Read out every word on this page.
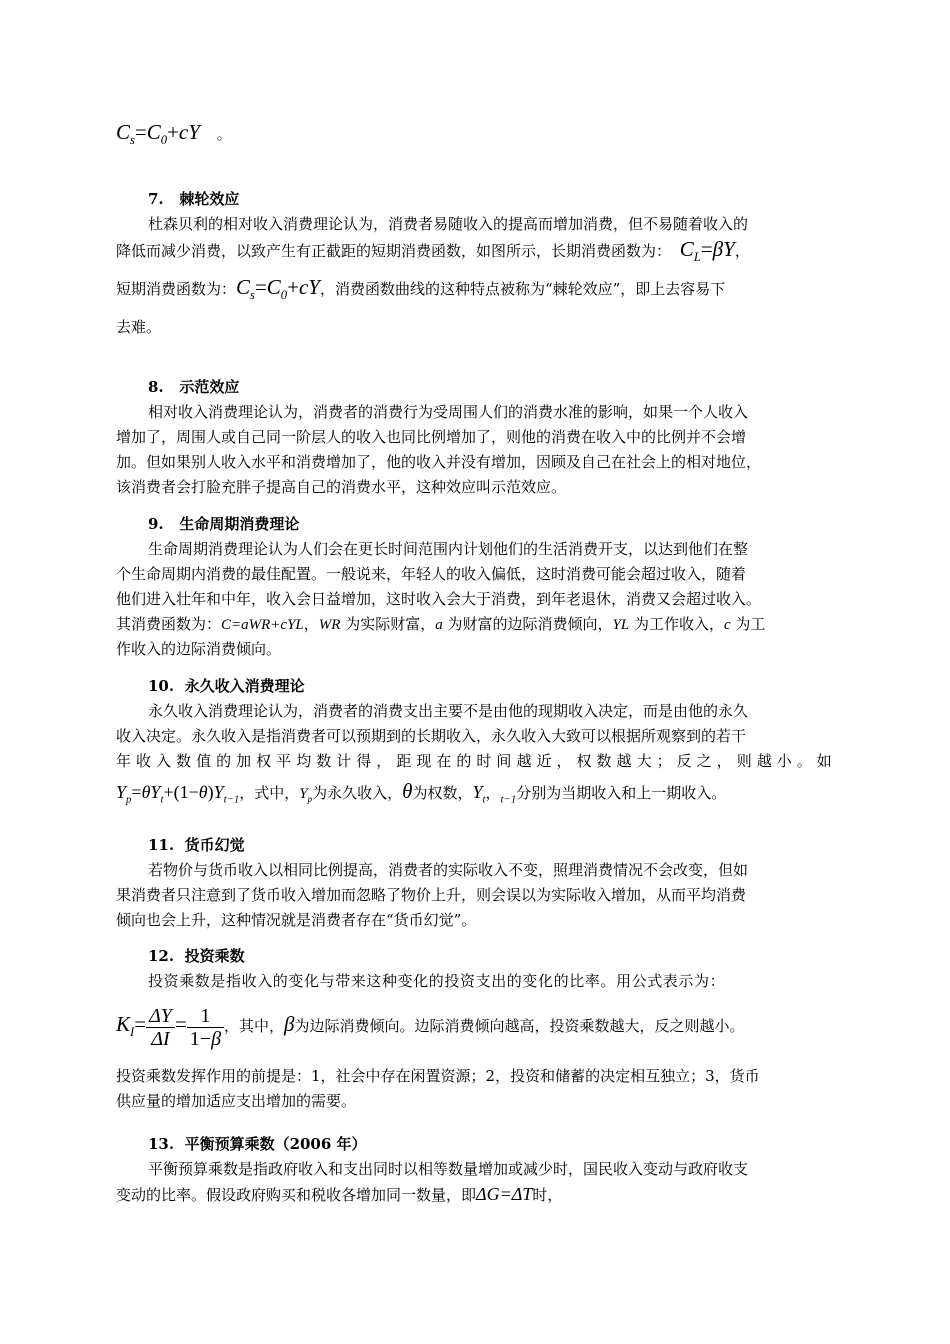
$C_s=C_0+cY$ 。
7. 棘轮效应
杜森贝利的相对收入消费理论认为，消费者易随收入的提高而增加消费，但不易随着收入的
降低而减少消费，以致产生有正截距的短期消费函数，如图所示，长期消费函数为： $C_L=\beta Y$，
短期消费函数为：$C_s=C_0+cY$，消费函数曲线的这种特点被称为“棘轮效应”，即上去容易下
去难。
8. 示范效应
相对收入消费理论认为，消费者的消费行为受周围人们的消费水准的影响，如果一个人收入
增加了，周围人或自己同一阶层人的收入也同比例增加了，则他的消费在收入中的比例并不会增
加。但如果别人收入水平和消费增加了，他的收入并没有增加，因顾及自己在社会上的相对地位，
该消费者会打脸充胖子提高自己的消费水平，这种效应叫示范效应。
9. 生命周期消费理论
生命周期消费理论认为人们会在更长时间范围内计划他们的生活消费开支，以达到他们在整
个生命周期内消费的最佳配置。一般说来，年轻人的收入偏低，这时消费可能会超过收入，随着
他们进入壮年和中年，收入会日益增加，这时收入会大于消费，到年老退休，消费又会超过收入。
其消费函数为：C=aWR+cYL，WR 为实际财富，a 为财富的边际消费倾向，YL 为工作收入，c 为工
作收入的边际消费倾向。
10. 永久收入消费理论
永久收入消费理论认为，消费者的消费支出主要不是由他的现期收入决定，而是由他的永久
收入决定。永久收入是指消费者可以预期到的长期收入，永久收入大致可以根据所观察到的若干
年收入数值的加权平均数计得，距现在的时间越近，权数越大；反之，则越小。如
$Y_p=\theta Y_t+(1-\theta)Y_{t-1}$，式中，$Y_p$为永久收入，θ为权数，$Y_t$，$_{t-1}$分别为当期收入和上一期收入。
11. 货币幻觉
若物价与货币收入以相同比例提高，消费者的实际收入不变，照理消费情况不会改变，但如
果消费者只注意到了货币收入增加而忽略了物价上升，则会误以为实际收入增加，从而平均消费
倾向也会上升，这种情况就是消费者存在“货币幻觉”。
12. 投资乘数
投资乘数是指收入的变化与带来这种变化的投资支出的变化的比率。用公式表示为：
$K_I= \frac{\Delta Y}{\Delta I} = \frac{1}{1-\beta}$ ，其中，β为边际消费倾向。边际消费倾向越高，投资乘数越大，反之则越小。
投资乘数发挥作用的前提是：1，社会中存在闲置资源；2，投资和储蓄的决定相互独立；3，货币
供应量的增加适应支出增加的需要。
13. 平衡预算乘数（2006 年）
平衡预算乘数是指政府收入和支出同时以相等数量增加或减少时，国民收入变动与政府收支
变动的比率。假设政府购买和税收各增加同一数量，即ΔG=ΔT时，
